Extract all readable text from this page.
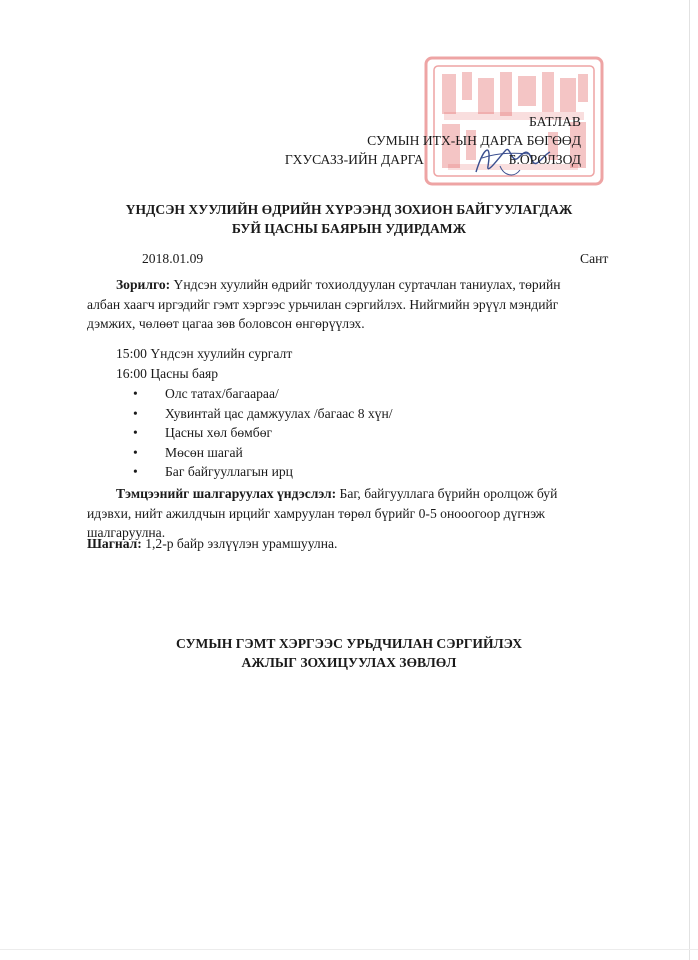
БАТЛАВ
СУМЫН ИТХ-ЫН ДАРГА БӨГӨӨД
ГХУСАЗЗ-ИЙН ДАРГА	Б.ОРОЛЗОД
ҮНДСЭН ХУУЛИЙН ӨДРИЙН ХҮРЭЭНД ЗОХИОН БАЙГУУЛАГДАЖ
БУЙ ЦАСНЫ БАЯРЫН УДИРДАМЖ
2018.01.09	Сант
Зорилго: Үндсэн хуулийн өдрийг тохиолдуулан суртачлан таниулах, төрийн албан хаагч иргэдийг гэмт хэргээс урьчилан сэргийлэх. Нийгмийн эрүүл мэндийг дэмжих, чөлөөт цагаа зөв боловсон өнгөрүүлэх.
15:00 Үндсэн хуулийн сургалт
16:00 Цасны баяр
• Олс татах/багаараа/
• Хувинтай цас дамжуулах /багаас 8 хүн/
• Цасны хөл бөмбөг
• Мөсөн шагай
• Баг байгууллагын ирц
Тэмцээнийг шалгаруулах үндэслэл: Баг, байгууллага бүрийн оролцож буй идэвхи, нийт ажилдчын ирцийг хамруулан төрөл бүрийг 0-5 оноoогоор дүгнэж шалгаруулна.
Шагнал: 1,2-р байр эзлүүлэн урамшуулна.
СУМЫН ГЭМТ ХЭРГЭЭС УРЬДЧИЛАН СЭРГИЙЛЭХ
АЖЛЫГ ЗОХИЦУУЛАХ ЗӨВЛӨЛ
